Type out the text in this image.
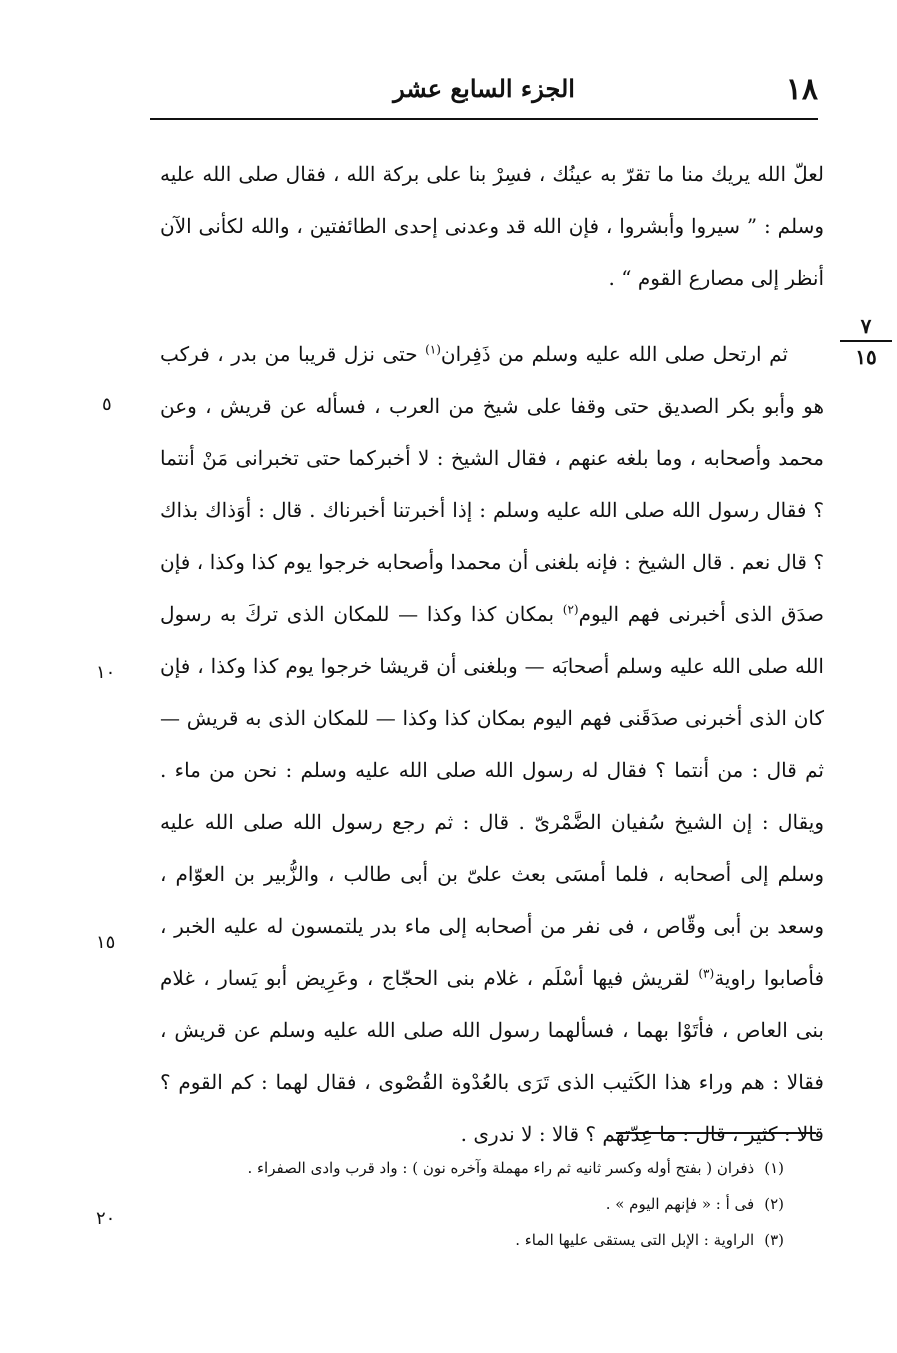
١٨
الجزء السابع عشر
٧
١٥
٥
١٠
١٥
٢٠

لعلّ الله يريك منا ما تقرّ به عينُك ، فسِرْ بنا على بركة الله ، فقال صلى الله عليه وسلم : ” سيروا وأبشروا ، فإن الله قد وعدنى إحدى الطائفتين ، والله لكأنى الآن أنظر إلى مصارع القوم “ .

ثم ارتحل صلى الله عليه وسلم من ذَفِران$^{(١)}$ حتى نزل قريبا من بدر ، فركب هو وأبو بكر الصديق حتى وقفا على شيخ من العرب ، فسأله عن قريش ، وعن محمد وأصحابه ، وما بلغه عنهم ، فقال الشيخ : لا أخبركما حتى تخبرانى مَنْ أنتما ؟ فقال رسول الله صلى الله عليه وسلم : إذا أخبرتنا أخبرناك . قال : أوَذاك بذاك ؟ قال نعم . قال الشيخ : فإنه بلغنى أن محمدا وأصحابه خرجوا يوم كذا وكذا ، فإن صدَق الذى أخبرنى فهم اليوم$^{(٢)}$ بمكان كذا وكذا — للمكان الذى تركَ به رسول الله صلى الله عليه وسلم أصحابَه — وبلغنى أن قريشا خرجوا يوم كذا وكذا ، فإن كان الذى أخبرنى صدَقَنى فهم اليوم بمكان كذا وكذا — للمكان الذى به قريش — ثم قال : من أنتما ؟ فقال له رسول الله صلى الله عليه وسلم : نحن من ماء . ويقال : إن الشيخ سُفيان الضَّمْرىّ . قال : ثم رجع رسول الله صلى الله عليه وسلم إلى أصحابه ، فلما أمسَى بعث علىّ بن أبى طالب ، والزُّبير بن العوّام ، وسعد بن أبى وقّاص ، فى نفر من أصحابه إلى ماء بدر يلتمسون له عليه الخبر ، فأصابوا راوية$^{(٣)}$ لقريش فيها أسْلَم ، غلام بنى الحجّاج ، وعَرِيض أبو يَسار ، غلام بنى العاص ، فأتَوْا بهما ، فسألهما رسول الله صلى الله عليه وسلم عن قريش ، فقالا : هم وراء هذا الكَثيب الذى تَرَى بالعُدْوة القُصْوى ، فقال لهما : كم القوم ؟ قالا : كثير ، قال : ما عِدّتهم ؟ قالا : لا ندرى .

(١)ذفران ( بفتح أوله وكسر ثانيه ثم راء مهملة وآخره نون ) : واد قرب وادى الصفراء .

(٢)فى أ : « فإنهم اليوم » .

(٣)الراوية : الإبل التى يستقى عليها الماء .
